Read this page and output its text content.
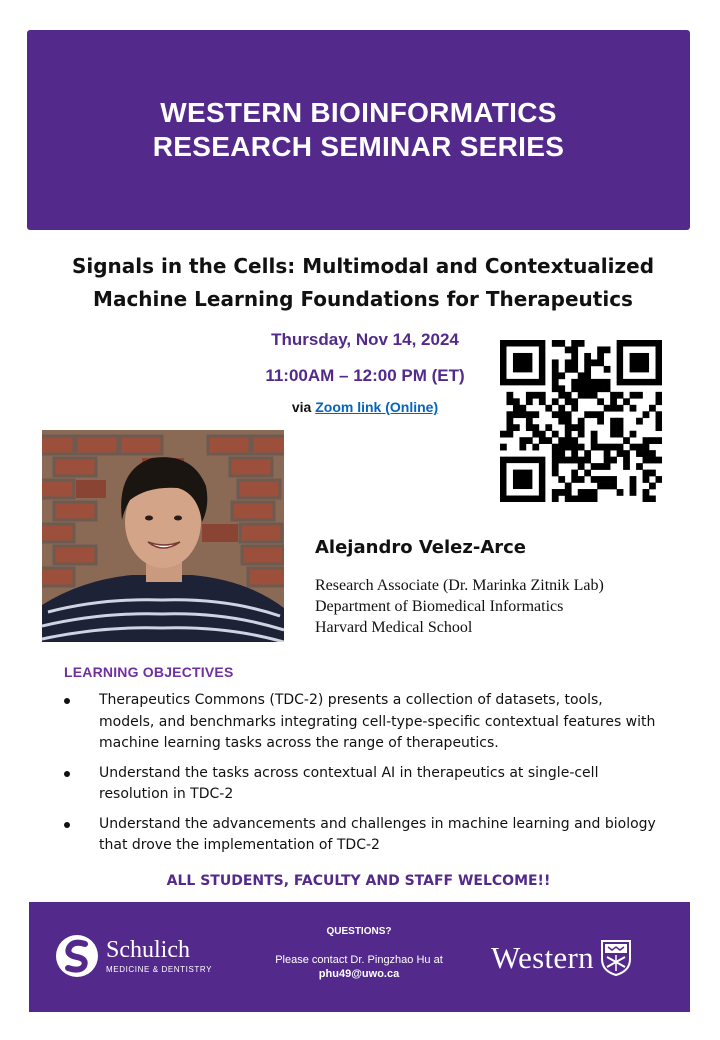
WESTERN BIOINFORMATICS
RESEARCH SEMINAR SERIES
Signals in the Cells: Multimodal and Contextualized
Machine Learning Foundations for Therapeutics
Thursday, Nov 14, 2024
11:00AM – 12:00 PM (ET)
via Zoom link (Online)
Alejandro Velez-Arce
Research Associate (Dr. Marinka Zitnik Lab)
Department of Biomedical Informatics
Harvard Medical School
LEARNING OBJECTIVES
Therapeutics Commons (TDC-2) presents a collection of datasets, tools, models, and benchmarks integrating cell-type-specific contextual features with machine learning tasks across the range of therapeutics.
Understand the tasks across contextual AI in therapeutics at single-cell resolution in TDC-2
Understand the advancements and challenges in machine learning and biology that drove the implementation of TDC-2
ALL STUDENTS, FACULTY AND STAFF WELCOME!!
Schulich
MEDICINE & DENTISTRY
QUESTIONS?
Please contact Dr. Pingzhao Hu at
phu49@uwo.ca	Western
